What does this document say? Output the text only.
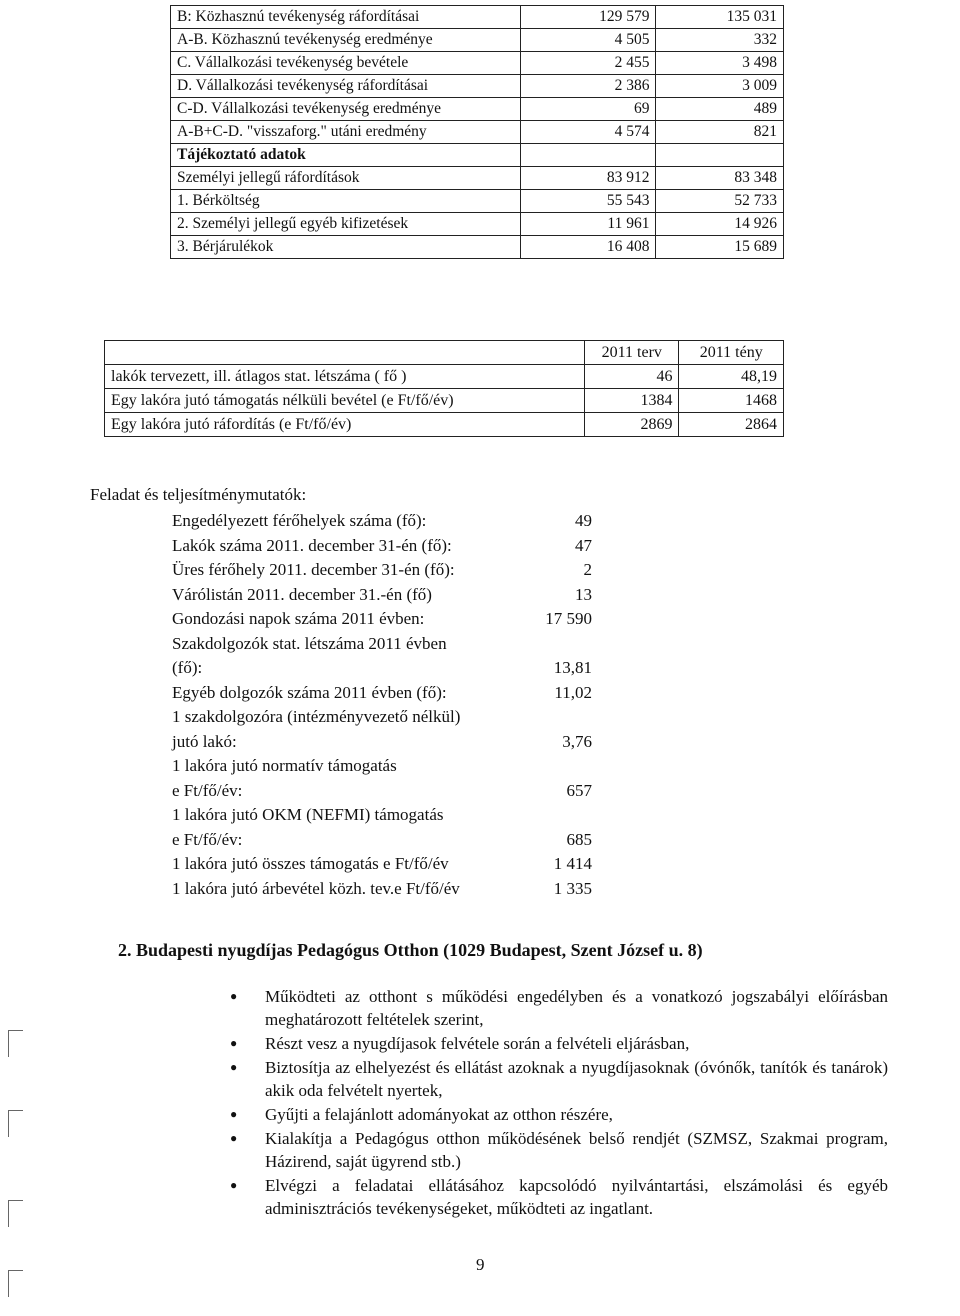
B: Közhasznú tevékenység ráfordításai	129 579	135 031
A-B. Közhasznú tevékenység eredménye	4 505	332
C. Vállalkozási tevékenység bevétele	2 455	3 498
D. Vállalkozási tevékenység ráfordításai	2 386	3 009
C-D. Vállalkozási tevékenység eredménye	69	489
A-B+C-D. "visszaforg." utáni eredmény	4 574	821
Tájékoztató adatok		
Személyi jellegű ráfordítások	83 912	83 348
1. Bérköltség	55 543	52 733
2. Személyi jellegű egyéb kifizetések	11 961	14 926
3. Bérjárulékok	16 408	15 689
	2011 terv	2011 tény
lakók tervezett, ill. átlagos stat. létszáma ( fő )	46	48,19
Egy lakóra jutó támogatás nélküli bevétel (e Ft/fő/év)	1384	1468
Egy lakóra jutó ráfordítás (e Ft/fő/év)	2869	2864
Feladat és teljesítménymutatók:
Engedélyezett férőhelyek száma (fő):	49
Lakók száma 2011. december 31-én (fő):	47
Üres férőhely 2011. december 31-én (fő):	2
Várólistán 2011. december 31.-én (fő)	13
Gondozási napok száma 2011 évben:	17 590
Szakdolgozók stat. létszáma 2011 évben
(fő):	13,81
Egyéb dolgozók száma 2011 évben (fő):	11,02
1 szakdolgozóra (intézményvezető nélkül)
jutó lakó:	3,76
1 lakóra jutó normatív támogatás
e Ft/fő/év:	657
1 lakóra jutó OKM (NEFMI) támogatás
e Ft/fő/év:	685
1 lakóra jutó összes támogatás e Ft/fő/év	1 414
1 lakóra jutó árbevétel közh. tev.e Ft/fő/év	1 335
2. Budapesti nyugdíjas Pedagógus Otthon (1029 Budapest, Szent József u. 8)
● Működteti az otthont s működési engedélyben és a vonatkozó jogszabályi előírásban meghatározott feltételek szerint,
● Részt vesz a nyugdíjasok felvétele során a felvételi eljárásban,
● Biztosítja az elhelyezést és ellátást azoknak a nyugdíjasoknak (óvónők, tanítók és tanárok) akik oda felvételt nyertek,
● Gyűjti a felajánlott adományokat az otthon részére,
● Kialakítja a Pedagógus otthon működésének belső rendjét (SZMSZ, Szakmai program, Házirend, saját ügyrend stb.)
● Elvégzi a feladatai ellátásához kapcsolódó nyilvántartási, elszámolási és egyéb adminisztrációs tevékenységeket, működteti az ingatlant.
9
